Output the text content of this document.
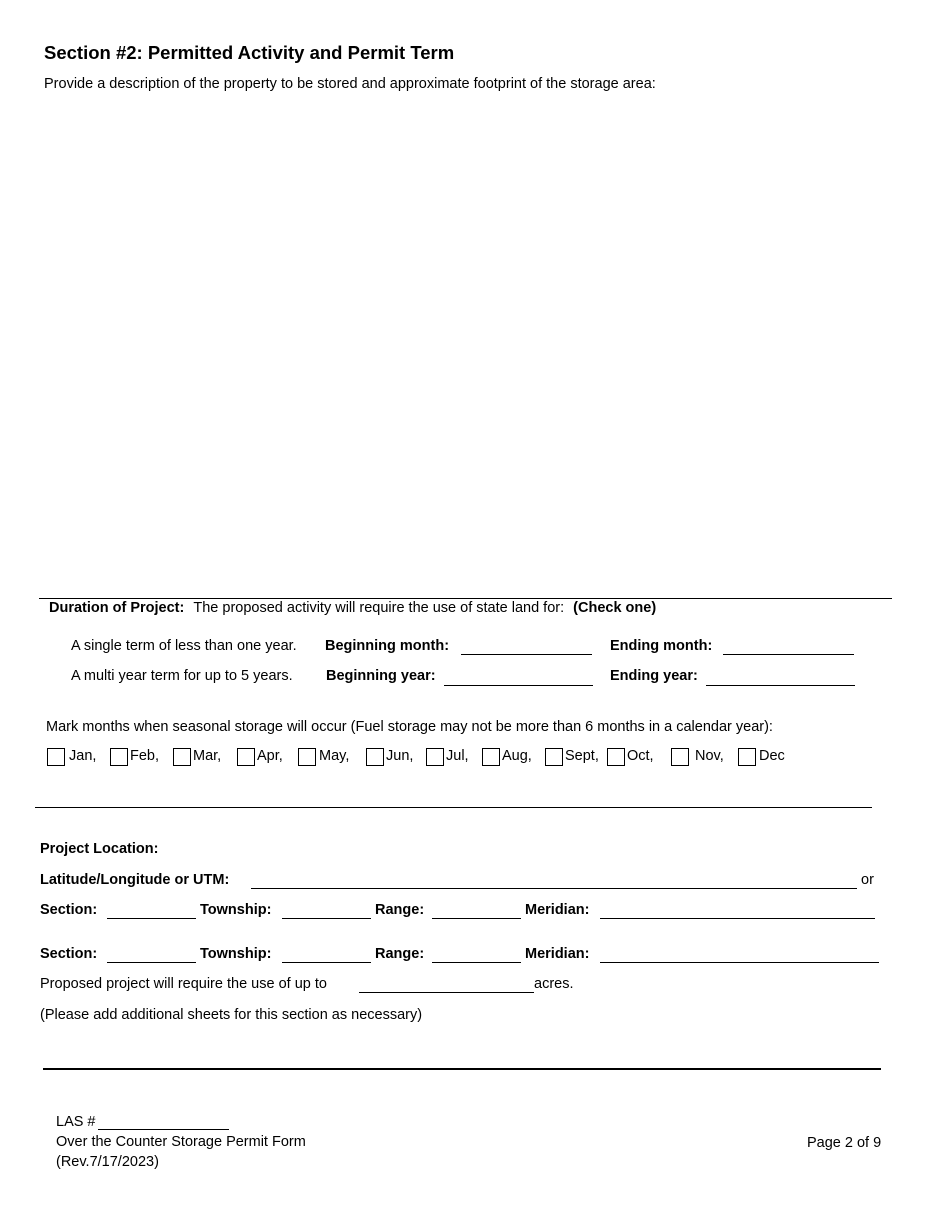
Section #2: Permitted Activity and Permit Term
Provide a description of the property to be stored and approximate footprint of the storage area:
Duration of Project: The proposed activity will require the use of state land for: (Check one)
A single term of less than one year. Beginning month:	Ending month:
A multi year term for up to 5 years. Beginning year:	Ending year:
Mark months when seasonal storage will occur (Fuel storage may not be more than 6 months in a calendar year):
Jan, Feb, Mar, Apr, May,	Jun, Jul, Aug, Sept, Oct,	Nov, Dec
Project Location:
Latitude/Longitude or UTM:	or
Section:	Township:	Range:	Meridian:
Section:	Township:	Range:	Meridian:
Proposed project will require the use of up to	acres.
(Please add additional sheets for this section as necessary)
LAS #
Over the Counter Storage Permit Form
(Rev.7/17/2023)
Page 2 of 9
